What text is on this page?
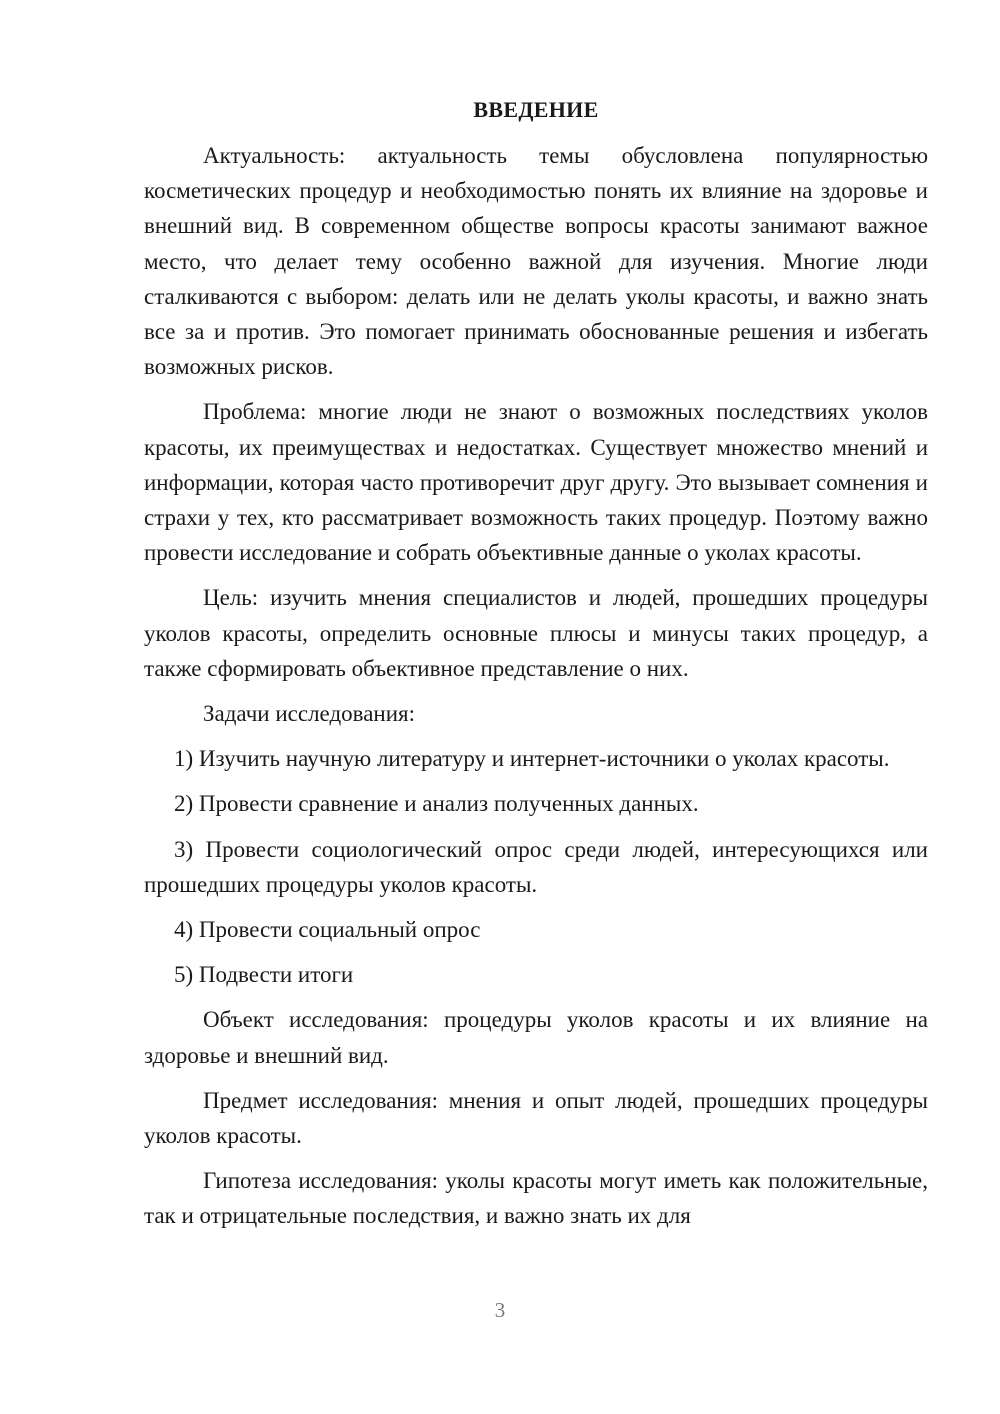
ВВЕДЕНИЕ

Актуальность: актуальность темы обусловлена популярностью косметических процедур и необходимостью понять их влияние на здоровье и внешний вид. В современном обществе вопросы красоты занимают важное место, что делает тему особенно важной для изучения. Многие люди сталкиваются с выбором: делать или не делать уколы красоты, и важно знать все за и против. Это помогает принимать обоснованные решения и избегать возможных рисков.

Проблема: многие люди не знают о возможных последствиях уколов красоты, их преимуществах и недостатках. Существует множество мнений и информации, которая часто противоречит друг другу. Это вызывает сомнения и страхи у тех, кто рассматривает возможность таких процедур. Поэтому важно провести исследование и собрать объективные данные о уколах красоты.

Цель: изучить мнения специалистов и людей, прошедших процедуры уколов красоты, определить основные плюсы и минусы таких процедур, а также сформировать объективное представление о них.

Задачи исследования:

1) Изучить научную литературу и интернет-источники о уколах красоты.

2) Провести сравнение и анализ полученных данных.

3) Провести социологический опрос среди людей, интересующихся или прошедших процедуры уколов красоты.

4) Провести социальный опрос

5) Подвести итоги

Объект исследования: процедуры уколов красоты и их влияние на здоровье и внешний вид.

Предмет исследования: мнения и опыт людей, прошедших процедуры уколов красоты.

Гипотеза исследования: уколы красоты могут иметь как положительные, так и отрицательные последствия, и важно знать их для

3
